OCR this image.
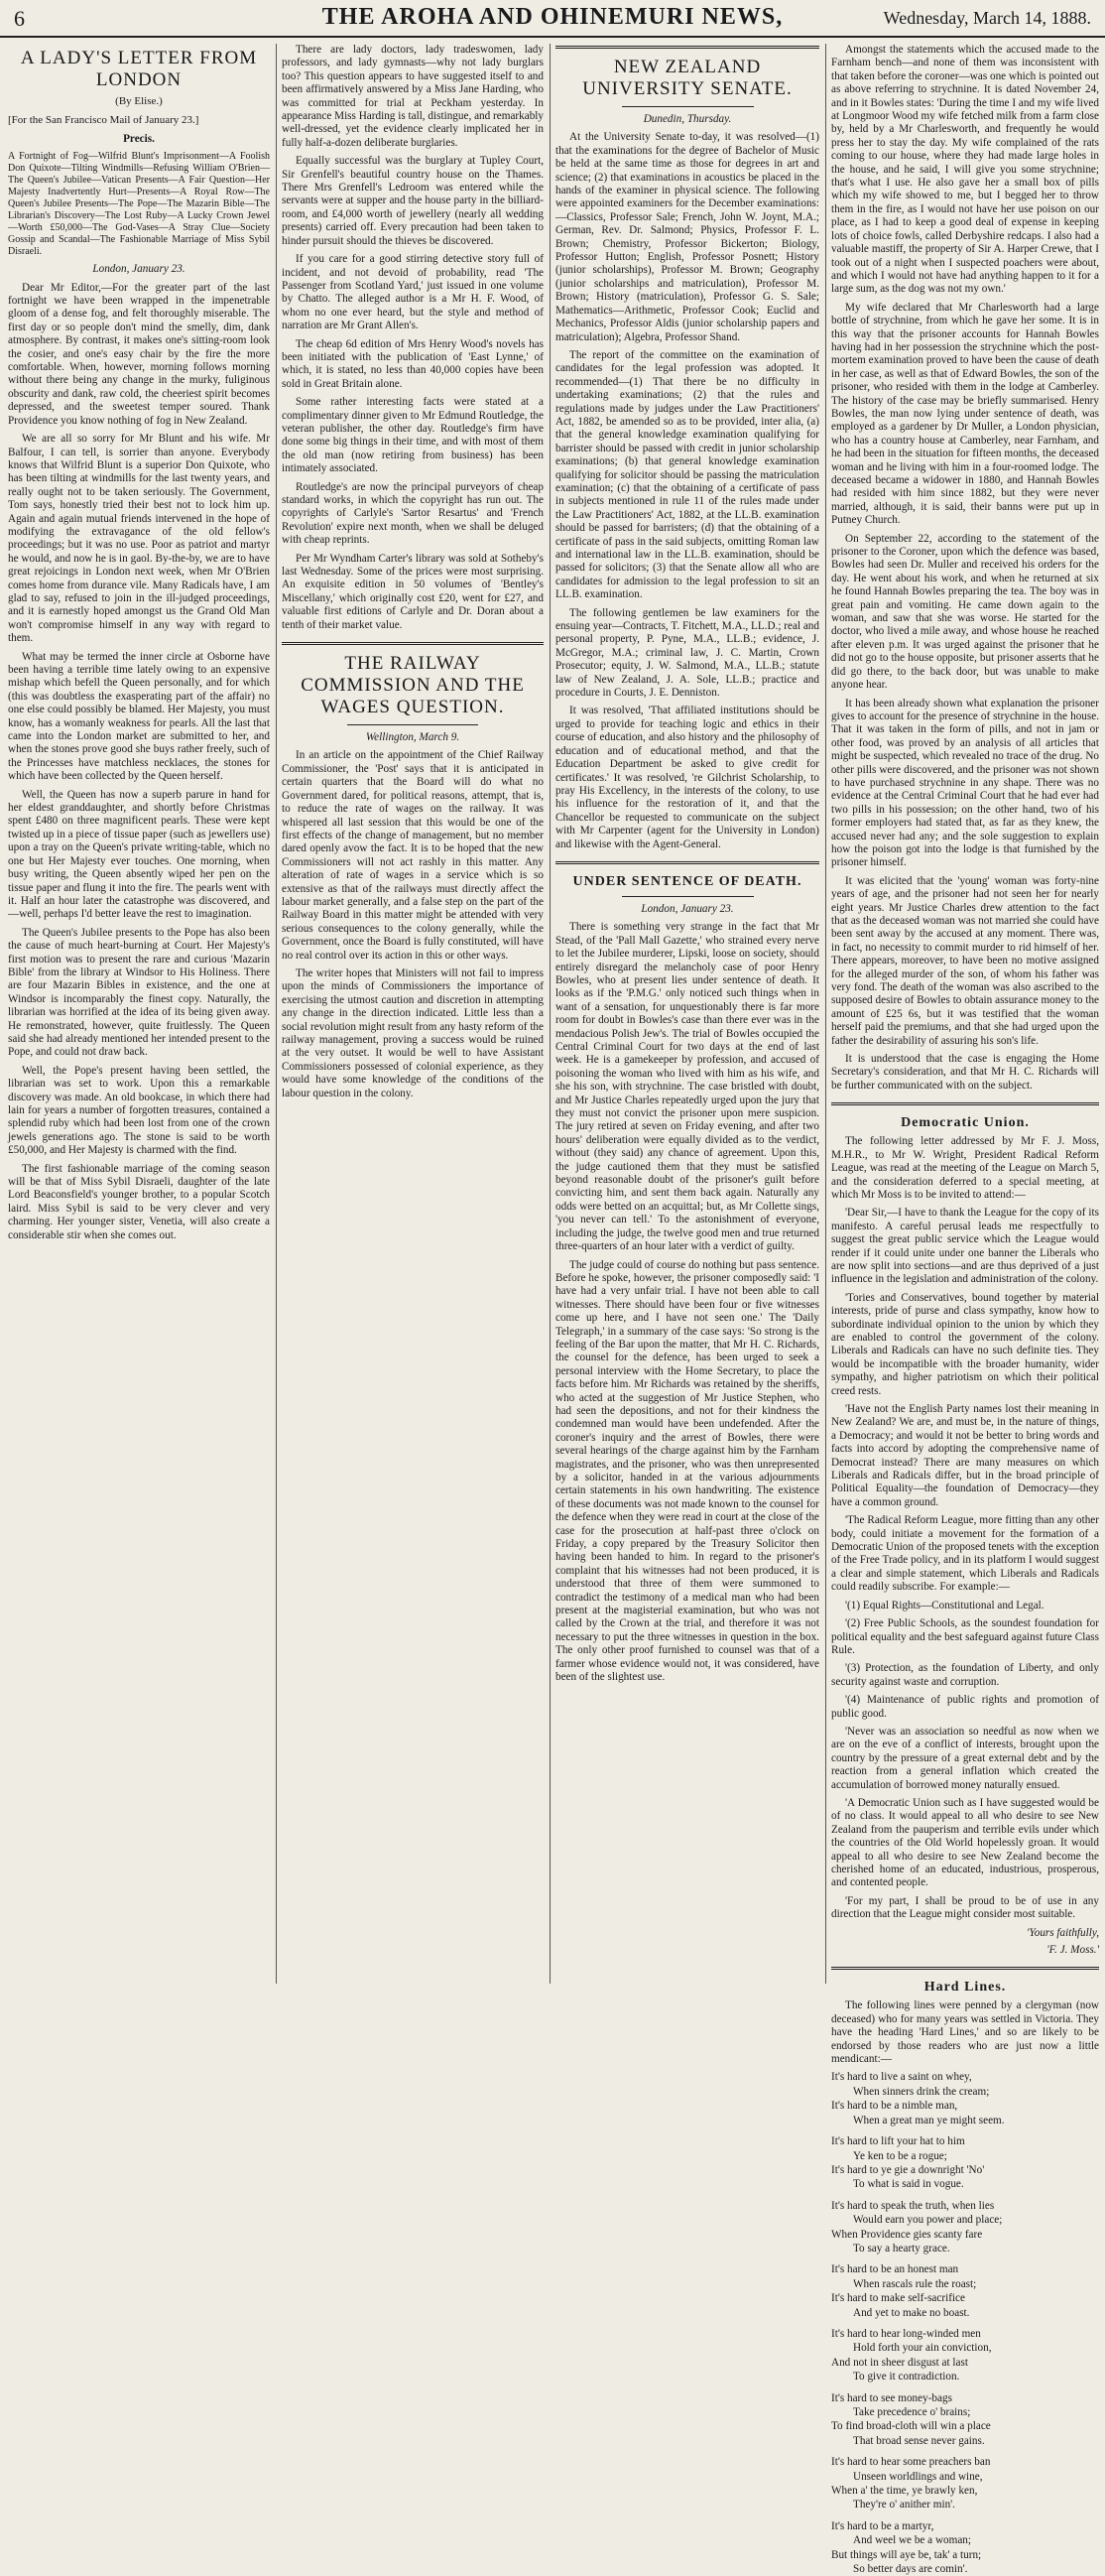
6	THE AROHA AND OHINEMURI NEWS,	Wednesday, March 14, 1888.
A LADY'S LETTER FROM LONDON
(By Elise.)

[For the San Francisco Mail of January 23.]

Precis.

A Fortnight of Fog—Wilfrid Blunt's Imprisonment—A Foolish Don Quixote—Tilting Windmills—Refusing William O'Brien—The Queen's Jubilee—Vatican Presents—A Fair Question—Her Majesty Inadvertently Hurt—Presents—A Royal Row—The Queen's Jubilee Presents—The Pope—The Mazarin Bible—The Librarian's Discovery—The Lost Ruby—A Lucky Crown Jewel—Worth £50,000—The God-Vases—A Stray Clue—Society Gossip and Scandal—The Fashionable Marriage of Miss Sybil Disraeli.

London, January 23.

Dear Mr Editor,—For the greater part of the last fortnight we have been wrapped in the impenetrable gloom of a dense fog, and felt thoroughly miserable. The first day or so people don't mind the smelly, dim, dank atmosphere. By contrast, it makes one's sitting-room look the cosier, and one's easy chair by the fire the more comfortable. When, however, morning follows morning without there being any change in the murky, fuliginous obscurity and dank, raw cold, the cheeriest spirit becomes depressed, and the sweetest temper soured. Thank Providence you know nothing of fog in New Zealand.

We are all so sorry for Mr Blunt and his wife. Mr Balfour, I can tell, is sorrier than anyone. Everybody knows that Wilfrid Blunt is a superior Don Quixote, who has been tilting at windmills for the last twenty years, and really ought not to be taken seriously. The Government, Tom says, honestly tried their best not to lock him up. Again and again mutual friends intervened in the hope of modifying the extravagance of the old fellow's proceedings; but it was no use. Poor as patriot and martyr he would, and now he is in gaol. By-the-by, we are to have great rejoicings in London next week, when Mr O'Brien comes home from durance vile. Many Radicals have, I am glad to say, refused to join in the ill-judged proceedings, and it is earnestly hoped amongst us the Grand Old Man won't compromise himself in any way with regard to them.

What may be termed the inner circle at Osborne have been having a terrible time lately owing to an expensive mishap which befell the Queen personally, and for which (this was doubtless the exasperating part of the affair) no one else could possibly be blamed. Her Majesty, you must know, has a womanly weakness for pearls. All the last that came into the London market are submitted to her, and when the stones prove good she buys rather freely, such of the Princesses have matchless necklaces, the stones for which have been collected by the Queen herself.

Well, the Queen has now a superb parure in hand for her eldest granddaughter, and shortly before Christmas spent £480 on three magnificent pearls. These were kept twisted up in a piece of tissue paper (such as jewellers use) upon a tray on the Queen's private writing-table, which no one but Her Majesty ever touches. One morning, when busy writing, the Queen absently wiped her pen on the tissue paper and flung it into the fire. The pearls went with it. Half an hour later the catastrophe was discovered, and—well, perhaps I'd better leave the rest to imagination.

The Queen's Jubilee presents to the Pope has also been the cause of much heart-burning at Court. Her Majesty's first motion was to present the rare and curious 'Mazarin Bible' from the library at Windsor to His Holiness. There are four Mazarin Bibles in existence, and the one at Windsor is incomparably the finest copy. Naturally, the librarian was horrified at the idea of its being given away. He remonstrated, however, quite fruitlessly. The Queen said she had already mentioned her intended present to the Pope, and could not draw back.

Well, the Pope's present having been settled, the librarian was set to work. Upon this a remarkable discovery was made. An old bookcase, in which there had lain for years a number of forgotten treasures, contained a splendid ruby which had been lost from one of the crown jewels generations ago. The stone is said to be worth £50,000, and Her Majesty is charmed with the find.

The first fashionable marriage of the coming season will be that of Miss Sybil Disraeli, daughter of the late Lord Beaconsfield's younger brother, to a popular Scotch laird. Miss Sybil is said to be very clever and very charming. Her younger sister, Venetia, will also create a considerable stir when she comes out.

There are lady doctors, lady tradeswomen, lady professors, and lady gymnasts—why not lady burglars too? This question appears to have suggested itself to and been affirmatively answered by a Miss Jane Harding, who was committed for trial at Peckham yesterday. In appearance Miss Harding is tall, distingue, and remarkably well-dressed, yet the evidence clearly implicated her in fully half-a-dozen deliberate burglaries.

Equally successful was the burglary at Tupley Court, Sir Grenfell's beautiful country house on the Thames. There Mrs Grenfell's Ledroom was entered while the servants were at supper and the house party in the billiard-room, and £4,000 worth of jewellery (nearly all wedding presents) carried off. Every precaution had been taken to hinder pursuit should the thieves be discovered.

If you care for a good stirring detective story full of incident, and not devoid of probability, read 'The Passenger from Scotland Yard,' just issued in one volume by Chatto. The alleged author is a Mr H. F. Wood, of whom no one ever heard, but the style and method of narration are Mr Grant Allen's.

The cheap 6d edition of Mrs Henry Wood's novels has been initiated with the publication of 'East Lynne,' of which, it is stated, no less than 40,000 copies have been sold in Great Britain alone.

Some rather interesting facts were stated at a complimentary dinner given to Mr Edmund Routledge, the veteran publisher, the other day. Routledge's firm have done some big things in their time, and with most of them the old man (now retiring from business) has been intimately associated.

Routledge's are now the principal purveyors of cheap standard works, in which the copyright has run out. The copyrights of Carlyle's 'Sartor Resartus' and 'French Revolution' expire next month, when we shall be deluged with cheap reprints.

Per Mr Wyndham Carter's library was sold at Sotheby's last Wednesday. Some of the prices were most surprising. An exquisite edition in 50 volumes of 'Bentley's Miscellany,' which originally cost £20, went for £27, and valuable first editions of Carlyle and Dr. Doran about a tenth of their market value.

THE RAILWAY COMMISSION AND THE WAGES QUESTION.
Wellington, March 9.

In an article on the appointment of the Chief Railway Commissioner, the 'Post' says that it is anticipated in certain quarters that the Board will do what no Government dared, for political reasons, attempt, that is, to reduce the rate of wages on the railway. It was whispered all last session that this would be one of the first effects of the change of management, but no member dared openly avow the fact. It is to be hoped that the new Commissioners will not act rashly in this matter. Any alteration of rate of wages in a service which is so extensive as that of the railways must directly affect the labour market generally, and a false step on the part of the Railway Board in this matter might be attended with very serious consequences to the colony generally, while the Government, once the Board is fully constituted, will have no real control over its action in this or other ways.

The writer hopes that Ministers will not fail to impress upon the minds of Commissioners the importance of exercising the utmost caution and discretion in attempting any change in the direction indicated. Little less than a social revolution might result from any hasty reform of the railway management, proving a success would be ruined at the very outset. It would be well to have Assistant Commissioners possessed of colonial experience, as they would have some knowledge of the conditions of the labour question in the colony.

NEW ZEALAND UNIVERSITY SENATE.
Dunedin, Thursday.

At the University Senate to-day, it was resolved—(1) that the examinations for the degree of Bachelor of Music be held at the same time as those for degrees in art and science; (2) that examinations in acoustics be placed in the hands of the examiner in physical science. The following were appointed examiners for the December examinations:—Classics, Professor Sale; French, John W. Joynt, M.A.; German, Rev. Dr. Salmond; Physics, Professor F. L. Brown; Chemistry, Professor Bickerton; Biology, Professor Hutton; English, Professor Posnett; History (junior scholarships), Professor M. Brown; Geography (junior scholarships and matriculation), Professor M. Brown; History (matriculation), Professor G. S. Sale; Mathematics—Arithmetic, Professor Cook; Euclid and Mechanics, Professor Aldis (junior scholarship papers and matriculation); Algebra, Professor Shand.

The report of the committee on the examination of candidates for the legal profession was adopted. It recommended—(1) That there be no difficulty in undertaking examinations; (2) that the rules and regulations made by judges under the Law Practitioners' Act, 1882, be amended so as to be provided, inter alia, (a) that the general knowledge examination qualifying for barrister should be passed with credit in junior scholarship examinations; (b) that general knowledge examination qualifying for solicitor should be passing the matriculation examination; (c) that the obtaining of a certificate of pass in subjects mentioned in rule 11 of the rules made under the Law Practitioners' Act, 1882, at the LL.B. examination should be passed for barristers; (d) that the obtaining of a certificate of pass in the said subjects, omitting Roman law and international law in the LL.B. examination, should be passed for solicitors; (3) that the Senate allow all who are candidates for admission to the legal profession to sit an LL.B. examination.

The following gentlemen be law examiners for the ensuing year—Contracts, T. Fitchett, M.A., LL.D.; real and personal property, P. Pyne, M.A., LL.B.; evidence, J. McGregor, M.A.; criminal law, J. C. Martin, Crown Prosecutor; equity, J. W. Salmond, M.A., LL.B.; statute law of New Zealand, J. A. Sole, LL.B.; practice and procedure in Courts, J. E. Denniston.

It was resolved, 'That affiliated institutions should be urged to provide for teaching logic and ethics in their course of education, and also history and the philosophy of education and of educational method, and that the Education Department be asked to give credit for certificates.' It was resolved, 're Gilchrist Scholarship, to pray His Excellency, in the interests of the colony, to use his influence for the restoration of it, and that the Chancellor be requested to communicate on the subject with Mr Carpenter (agent for the University in London) and likewise with the Agent-General.

UNDER SENTENCE OF DEATH.
London, January 23.

There is something very strange in the fact that Mr Stead, of the 'Pall Mall Gazette,' who strained every nerve to let the Jubilee murderer, Lipski, loose on society, should entirely disregard the melancholy case of poor Henry Bowles, who at present lies under sentence of death. It looks as if the 'P.M.G.' only noticed such things when in want of a sensation, for unquestionably there is far more room for doubt in Bowles's case than there ever was in the mendacious Polish Jew's. The trial of Bowles occupied the Central Criminal Court for two days at the end of last week. He is a gamekeeper by profession, and accused of poisoning the woman who lived with him as his wife, and she his son, with strychnine. The case bristled with doubt, and Mr Justice Charles repeatedly urged upon the jury that they must not convict the prisoner upon mere suspicion. The jury retired at seven on Friday evening, and after two hours' deliberation were equally divided as to the verdict, without (they said) any chance of agreement. Upon this, the judge cautioned them that they must be satisfied beyond reasonable doubt of the prisoner's guilt before convicting him, and sent them back again. Naturally any odds were betted on an acquittal; but, as Mr Collette sings, 'you never can tell.' To the astonishment of everyone, including the judge, the twelve good men and true returned three-quarters of an hour later with a verdict of guilty.

The judge could of course do nothing but pass sentence. Before he spoke, however, the prisoner composedly said: 'I have had a very unfair trial. I have not been able to call witnesses. There should have been four or five witnesses come up here, and I have not seen one.' The 'Daily Telegraph,' in a summary of the case says: 'So strong is the feeling of the Bar upon the matter, that Mr H. C. Richards, the counsel for the defence, has been urged to seek a personal interview with the Home Secretary, to place the facts before him. Mr Richards was retained by the sheriffs, who acted at the suggestion of Mr Justice Stephen, who had seen the depositions, and not for their kindness the condemned man would have been undefended. After the coroner's inquiry and the arrest of Bowles, there were several hearings of the charge against him by the Farnham magistrates, and the prisoner, who was then unrepresented by a solicitor, handed in at the various adjournments certain statements in his own handwriting. The existence of these documents was not made known to the counsel for the defence when they were read in court at the close of the case for the prosecution at half-past three o'clock on Friday, a copy prepared by the Treasury Solicitor then having been handed to him. In regard to the prisoner's complaint that his witnesses had not been produced, it is understood that three of them were summoned to contradict the testimony of a medical man who had been present at the magisterial examination, but who was not called by the Crown at the trial, and therefore it was not necessary to put the three witnesses in question in the box. The only other proof furnished to counsel was that of a farmer whose evidence would not, it was considered, have been of the slightest use.

Amongst the statements which the accused made to the Farnham bench—and none of them was inconsistent with that taken before the coroner—was one which is pointed out as above referring to strychnine. It is dated November 24, and in it Bowles states: 'During the time I and my wife lived at Longmoor Wood my wife fetched milk from a farm close by, held by a Mr Charlesworth, and frequently he would press her to stay the day. My wife complained of the rats coming to our house, where they had made large holes in the house, and he said, I will give you some strychnine; that's what I use. He also gave her a small box of pills which my wife showed to me, but I begged her to throw them in the fire, as I would not have her use poison on our place, as I had to keep a good deal of expense in keeping lots of choice fowls, called Derbyshire redcaps. I also had a valuable mastiff, the property of Sir A. Harper Crewe, that I took out of a night when I suspected poachers were about, and which I would not have had anything happen to it for a large sum, as the dog was not my own.'

My wife declared that Mr Charlesworth had a large bottle of strychnine, from which he gave her some. It is in this way that the prisoner accounts for Hannah Bowles having had in her possession the strychnine which the post-mortem examination proved to have been the cause of death in her case, as well as that of Edward Bowles, the son of the prisoner, who resided with them in the lodge at Camberley. The history of the case may be briefly summarised. Henry Bowles, the man now lying under sentence of death, was employed as a gardener by Dr Muller, a London physician, who has a country house at Camberley, near Farnham, and he had been in the situation for fifteen months, the deceased woman and he living with him in a four-roomed lodge. The deceased became a widower in 1880, and Hannah Bowles had resided with him since 1882, but they were never married, although, it is said, their banns were put up in Putney Church.

On September 22, according to the statement of the prisoner to the Coroner, upon which the defence was based, Bowles had seen Dr. Muller and received his orders for the day. He went about his work, and when he returned at six he found Hannah Bowles preparing the tea. The boy was in great pain and vomiting. He came down again to the woman, and saw that she was worse. He started for the doctor, who lived a mile away, and whose house he reached after eleven p.m. It was urged against the prisoner that he did not go to the house opposite, but prisoner asserts that he did go there, to the back door, but was unable to make anyone hear.

It has been already shown what explanation the prisoner gives to account for the presence of strychnine in the house. That it was taken in the form of pills, and not in jam or other food, was proved by an analysis of all articles that might be suspected, which revealed no trace of the drug. No other pills were discovered, and the prisoner was not shown to have purchased strychnine in any shape. There was no evidence at the Central Criminal Court that he had ever had two pills in his possession; on the other hand, two of his former employers had stated that, as far as they knew, the accused never had any; and the sole suggestion to explain how the poison got into the lodge is that furnished by the prisoner himself.

It was elicited that the 'young' woman was forty-nine years of age, and the prisoner had not seen her for nearly eight years. Mr Justice Charles drew attention to the fact that as the deceased woman was not married she could have been sent away by the accused at any moment. There was, in fact, no necessity to commit murder to rid himself of her. There appears, moreover, to have been no motive assigned for the alleged murder of the son, of whom his father was very fond. The death of the woman was also ascribed to the supposed desire of Bowles to obtain assurance money to the amount of £25 6s, but it was testified that the woman herself paid the premiums, and that she had urged upon the father the desirability of assuring his son's life.

It is understood that the case is engaging the Home Secretary's consideration, and that Mr H. C. Richards will be further communicated with on the subject.

Democratic Union.

The following letter addressed by Mr F. J. Moss, M.H.R., to Mr W. Wright, President Radical Reform League, was read at the meeting of the League on March 5, and the consideration deferred to a special meeting, at which Mr Moss is to be invited to attend:—

'Dear Sir,—I have to thank the League for the copy of its manifesto. A careful perusal leads me respectfully to suggest the great public service which the League would render if it could unite under one banner the Liberals who are now split into sections—and are thus deprived of a just influence in the legislation and administration of the colony.

'Tories and Conservatives, bound together by material interests, pride of purse and class sympathy, know how to subordinate individual opinion to the union by which they are enabled to control the government of the colony. Liberals and Radicals can have no such definite ties. They would be incompatible with the broader humanity, wider sympathy, and higher patriotism on which their political creed rests.

'Have not the English Party names lost their meaning in New Zealand? We are, and must be, in the nature of things, a Democracy; and would it not be better to bring words and facts into accord by adopting the comprehensive name of Democrat instead? There are many measures on which Liberals and Radicals differ, but in the broad principle of Political Equality—the foundation of Democracy—they have a common ground.

'The Radical Reform League, more fitting than any other body, could initiate a movement for the formation of a Democratic Union of the proposed tenets with the exception of the Free Trade policy, and in its platform I would suggest a clear and simple statement, which Liberals and Radicals could readily subscribe. For example:—

'(1) Equal Rights—Constitutional and Legal.

'(2) Free Public Schools, as the soundest foundation for political equality and the best safeguard against future Class Rule.

'(3) Protection, as the foundation of Liberty, and only security against waste and corruption.

'(4) Maintenance of public rights and promotion of public good.

'Never was an association so needful as now when we are on the eve of a conflict of interests, brought upon the country by the pressure of a great external debt and by the reaction from a general inflation which created the accumulation of borrowed money naturally ensued.

'A Democratic Union such as I have suggested would be of no class. It would appeal to all who desire to see New Zealand from the pauperism and terrible evils under which the countries of the Old World hopelessly groan. It would appeal to all who desire to see New Zealand become the cherished home of an educated, industrious, prosperous, and contented people.

'For my part, I shall be proud to be of use in any direction that the League might consider most suitable.

'Yours faithfully,
'F. J. Moss.'
Hard Lines.

The following lines were penned by a clergyman (now deceased) who for many years was settled in Victoria. They have the heading 'Hard Lines,' and so are likely to be endorsed by those readers who are just now a little mendicant:—

It's hard to live a saint on whey,

When sinners drink the cream;

It's hard to be a nimble man,

When a great man ye might seem.

It's hard to lift your hat to him

Ye ken to be a rogue;

It's hard to ye gie a downright 'No'

To what is said in vogue.

It's hard to speak the truth, when lies

Would earn you power and place;

When Providence gies scanty fare

To say a hearty grace.

It's hard to be an honest man

When rascals rule the roast;

It's hard to make self-sacrifice

And yet to make no boast.

It's hard to hear long-winded men

Hold forth your ain conviction,

And not in sheer disgust at last

To give it contradiction.

It's hard to see money-bags

Take precedence o' brains;

To find broad-cloth will win a place

That broad sense never gains.

It's hard to hear some preachers ban

Unseen worldlings and wine,

When a' the time, ye brawly ken,

They're o' anither min'.

It's hard to be a martyr,

And weel we be a woman;

But things will aye be, tak' a turn;

So better days are comin'.
